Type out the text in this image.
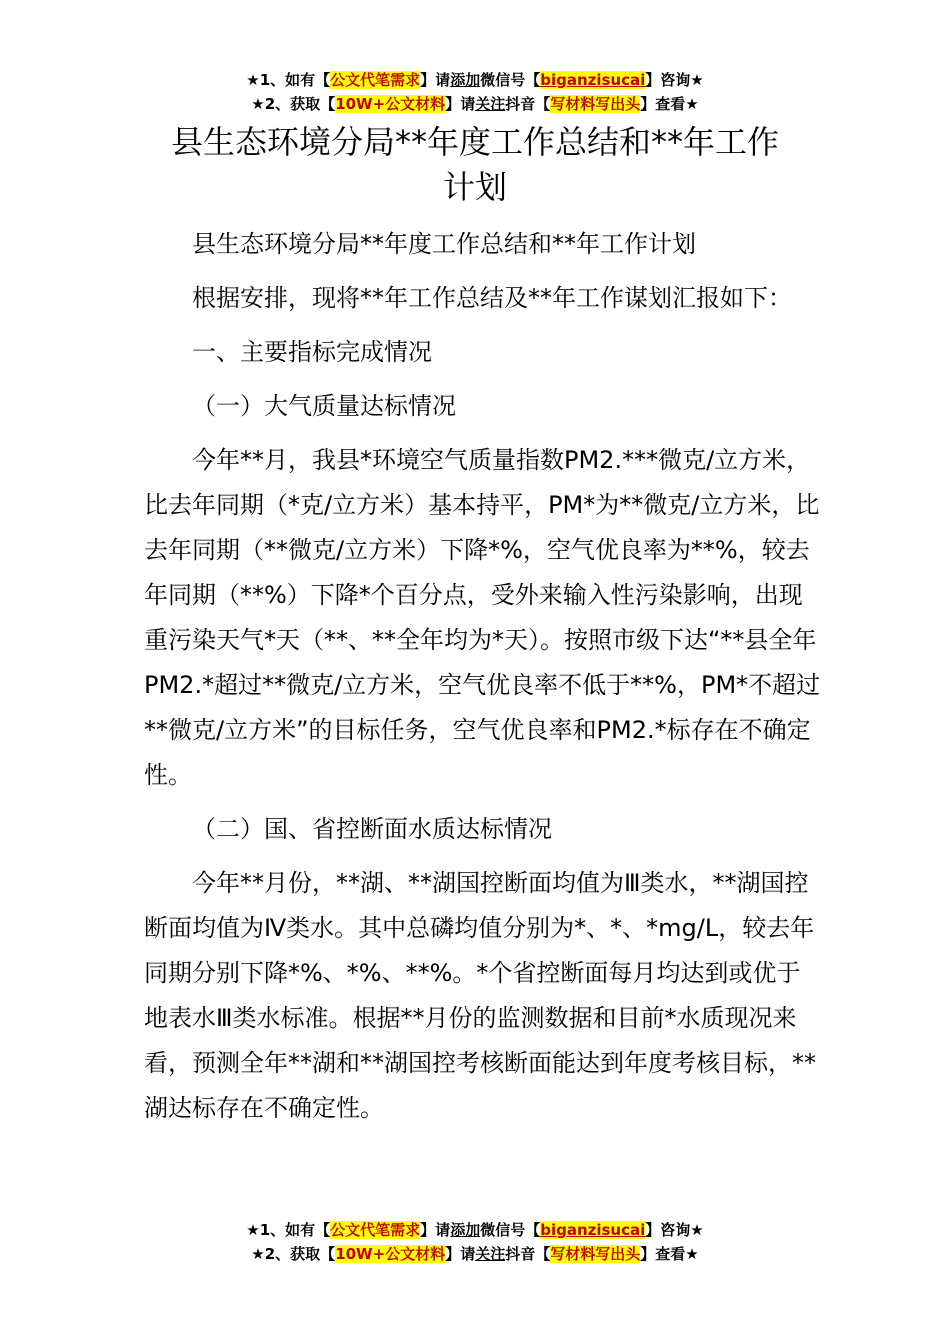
★1、如有【公文代笔需求】请添加微信号【biganzisucai】咨询★
★2、获取【10W+公文材料】请关注抖音【写材料写出头】查看★
县生态环境分局**年度工作总结和**年工作
计划

县生态环境分局**年度工作总结和**年工作计划

根据安排，现将**年工作总结及**年工作谋划汇报如下：

一、主要指标完成情况

（一）大气质量达标情况

今年**月，我县*环境空气质量指数PM2.***微克/立方米，比去年同期（*克/立方米）基本持平，PM*为**微克/立方米，比去年同期（**微克/立方米）下降*%，空气优良率为**%，较去年同期（**%）下降*个百分点，受外来输入性污染影响，出现重污染天气*天（**、**全年均为*天）。按照市级下达“**县全年PM2.*超过**微克/立方米，空气优良率不低于**%，PM*不超过**微克/立方米”的目标任务，空气优良率和PM2.*标存在不确定性。

（二）国、省控断面水质达标情况

今年**月份，**湖、**湖国控断面均值为Ⅲ类水，**湖国控断面均值为Ⅳ类水。其中总磷均值分别为*、*、*mg/L，较去年同期分别下降*%、*%、**%。*个省控断面每月均达到或优于地表水Ⅲ类水标准。根据**月份的监测数据和目前*水质现况来看，预测全年**湖和**湖国控考核断面能达到年度考核目标，**湖达标存在不确定性。

★1、如有【公文代笔需求】请添加微信号【biganzisucai】咨询★
★2、获取【10W+公文材料】请关注抖音【写材料写出头】查看★
